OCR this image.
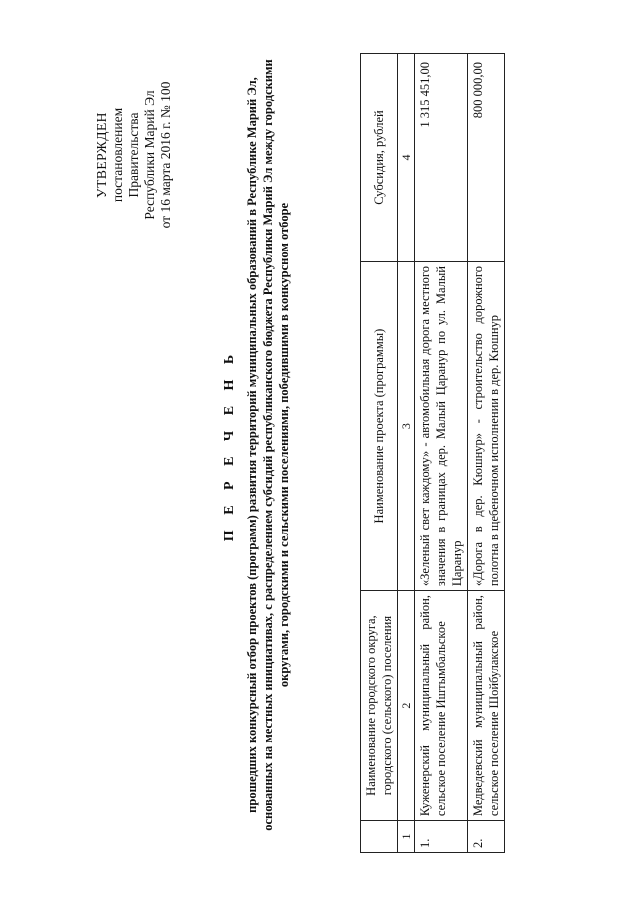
УТВЕРЖДЕН постановлением Правительства Республики Марий Эл от 16 марта 2016 г. № 100
П Е Р Е Ч Е Н Ь прошедших конкурсный отбор проектов (программ) развития территорий муниципальных образований в Республике Марий Эл, основанных на местных инициативах, с распределением субсидий республиканского бюджета Республики Марий Эл между городскими округами, городскими и сельскими поселениями, победившими в конкурсном отборе
	Наименование городского округа, городского (сельского) поселения	Наименование проекта (программы)	Субсидия, рублей
1	2	3	4
1.	Куженерский муниципальный район, сельское поселение Иштымбальское	«Зеленый свет каждому» - автомобильная дорога местного значения в границах дер. Малый Царанур по ул. Малый Царанур	1 315 451,00
2.	Медведевский муниципальный район, сельское поселение Шойбулакское	«Дорога в дер. Кюшнур» - строительство дорожного полотна в щебеночном исполнении в дер. Кюшнур	800 000,00
